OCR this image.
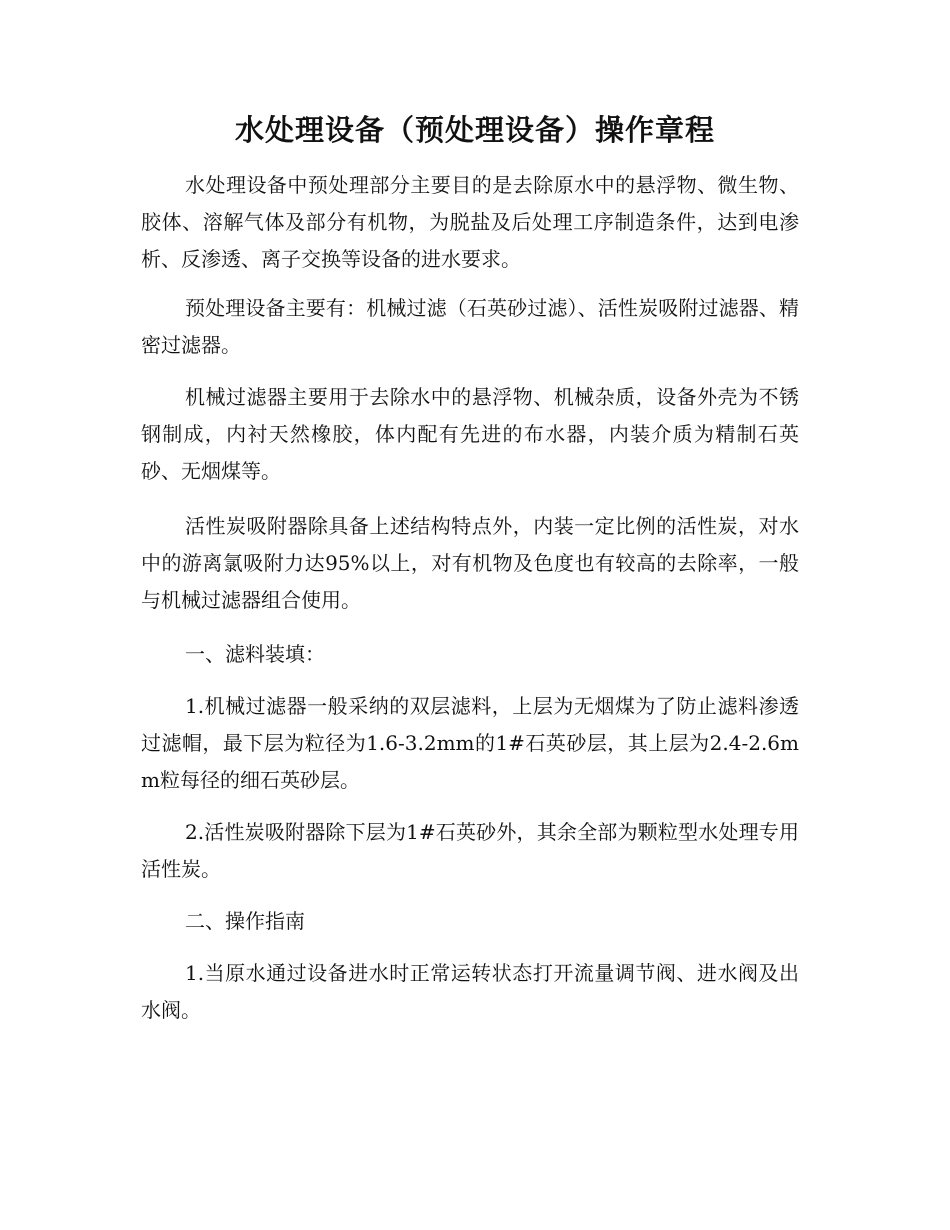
水处理设备（预处理设备）操作章程

水处理设备中预处理部分主要目的是去除原水中的悬浮物、微生物、胶体、溶解气体及部分有机物，为脱盐及后处理工序制造条件，达到电渗析、反渗透、离子交换等设备的进水要求。

预处理设备主要有：机械过滤（石英砂过滤）、活性炭吸附过滤器、精密过滤器。

机械过滤器主要用于去除水中的悬浮物、机械杂质，设备外壳为不锈钢制成，内衬天然橡胶，体内配有先进的布水器，内装介质为精制石英砂、无烟煤等。

活性炭吸附器除具备上述结构特点外，内装一定比例的活性炭，对水中的游离氯吸附力达95%以上，对有机物及色度也有较高的去除率，一般与机械过滤器组合使用。

一、滤料装填：

1.机械过滤器一般采纳的双层滤料，上层为无烟煤为了防止滤料渗透过滤帽，最下层为粒径为1.6-3.2mm的1#石英砂层，其上层为2.4-2.6mm粒每径的细石英砂层。

2.活性炭吸附器除下层为1#石英砂外，其余全部为颗粒型水处理专用活性炭。

二、操作指南

1.当原水通过设备进水时正常运转状态打开流量调节阀、进水阀及出水阀。
